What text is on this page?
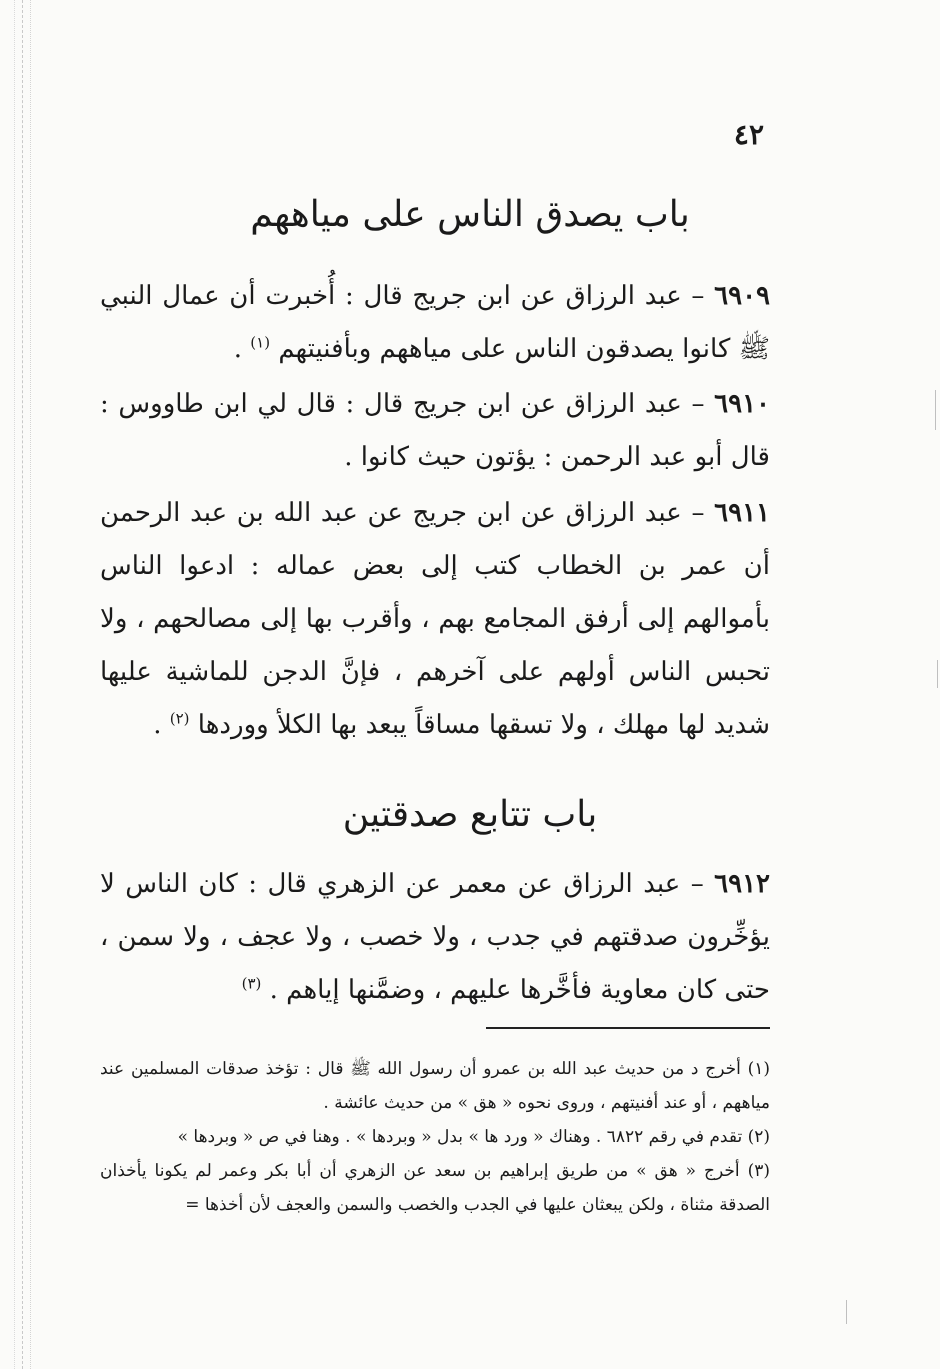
٤٢
باب يصدق الناس على مياههم

٦٩٠٩ – عبد الرزاق عن ابن جريج قال : أُخبرت أن عمال النبي ﷺ كانوا يصدقون الناس على مياههم وبأفنيتهم $^{(١)}$ .

٦٩١٠ – عبد الرزاق عن ابن جريج قال : قال لي ابن طاووس : قال أبو عبد الرحمن : يؤتون حيث كانوا .

٦٩١١ – عبد الرزاق عن ابن جريج عن عبد الله بن عبد الرحمن أن عمر بن الخطاب كتب إلى بعض عماله : ادعوا الناس بأموالهم إلى أرفق المجامع بهم ، وأقرب بها إلى مصالحهم ، ولا تحبس الناس أولهم على آخرهم ، فإنَّ الدجن للماشية عليها شديد لها مهلك ، ولا تسقها مساقاً يبعد بها الكلأ ووردها $^{(٢)}$ .

باب تتابع صدقتين

٦٩١٢ – عبد الرزاق عن معمر عن الزهري قال : كان الناس لا يؤخِّرون صدقتهم في جدب ، ولا خصب ، ولا عجف ، ولا سمن ، حتى كان معاوية فأخَّرها عليهم ، وضمَّنها إياهم . $^{(٣)}$

(١) أخرج د من حديث عبد الله بن عمرو أن رسول الله ﷺ قال : تؤخذ صدقات المسلمين عند مياههم ، أو عند أفنيتهم ، وروى نحوه « هق » من حديث عائشة .

(٢) تقدم في رقم ٦٨٢٢ . وهناك « ورد ها » بدل « وبردها » . وهنا في ص « وبردها »

(٣) أخرج « هق » من طريق إبراهيم بن سعد عن الزهري أن أبا بكر وعمر لم يكونا يأخذان الصدقة مثناة ، ولكن يبعثان عليها في الجدب والخصب والسمن والعجف لأن أخذها =
